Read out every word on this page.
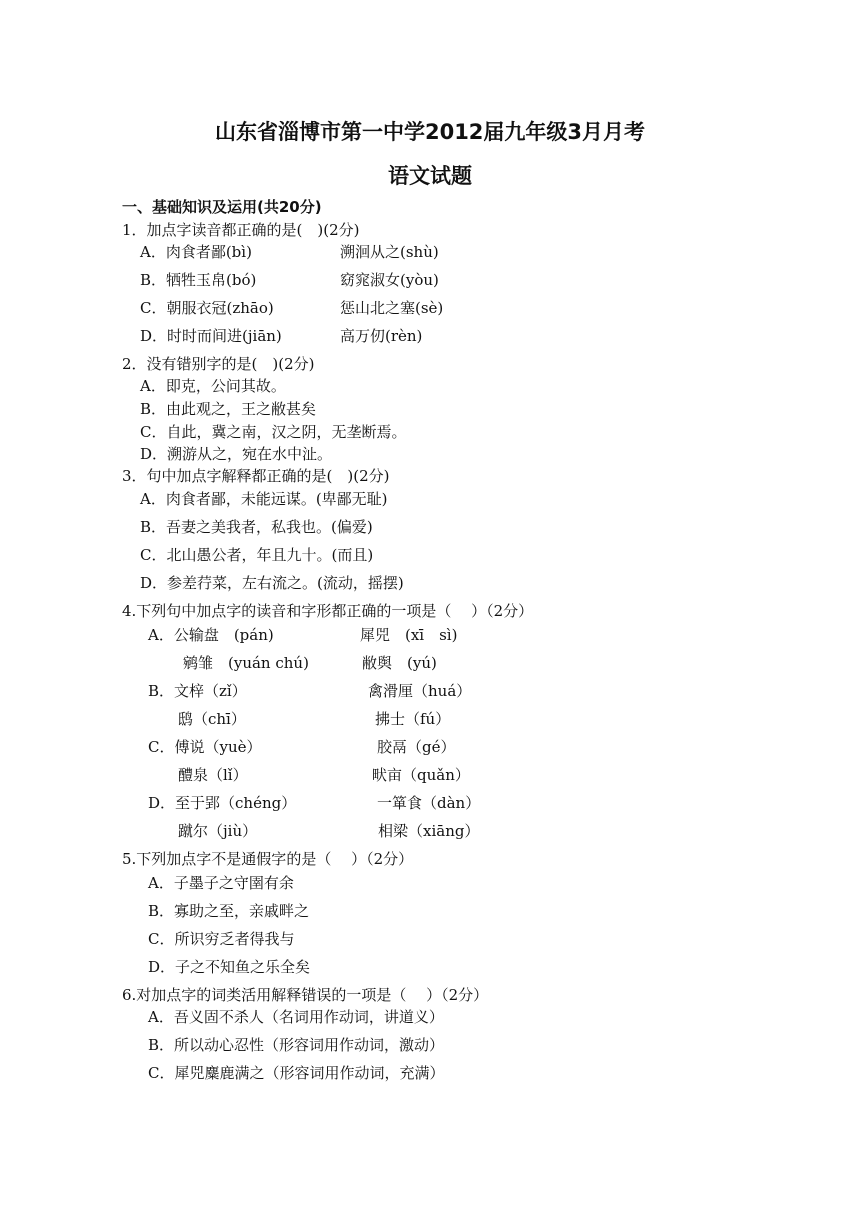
山东省淄博市第一中学2012届九年级3月月考
语文试题
一、基础知识及运用(共20分)
1．加点字读音都正确的是(　)(2分)
A．肉食者鄙(bì)	溯洄从之(shù)
B．牺牲玉帛(bó)	窈窕淑女(yòu)
C．朝服衣冠(zhāo)	惩山北之塞(sè)
D．时时而间进(jiān)	高万仞(rèn)
2．没有错别字的是(　)(2分)
A．即克，公问其故。
B．由此观之，王之敝甚矣
C．自此，冀之南，汉之阴，无垄断焉。
D．溯游从之，宛在水中沚。
3．句中加点字解释都正确的是(　)(2分)
A．肉食者鄙，未能远谋。(卑鄙无耻)
B．吾妻之美我者，私我也。(偏爱)
C．北山愚公者，年且九十。(而且)
D．参差荇菜，左右流之。(流动，摇摆)
4.下列句中加点字的读音和字形都正确的一项是（　 ）（2分）
A．公输盘　(pán)	犀兕　(xī　sì)
鹓雏　(yuán chú)	敝舆　(yú)
B．文梓（zǐ）	禽滑厘（huá）
鸱（chī）	拂士（fú）
C．傅说（yuè）	胶鬲（gé）
醴泉（lǐ）	畎亩（quǎn）
D．至于郢（chéng）	一箪食（dàn）
蹴尔（jiù）	相梁（xiāng）
5.下列加点字不是通假字的是（　 ）（2分）
A．子墨子之守圉有余
B．寡助之至，亲戚畔之
C．所识穷乏者得我与
D．子之不知鱼之乐全矣
6.对加点字的词类活用解释错误的一项是（　 ）（2分）
A．吾义固不杀人（名词用作动词，讲道义）
B．所以动心忍性（形容词用作动词，激动）
C．犀兕麋鹿满之（形容词用作动词，充满）
